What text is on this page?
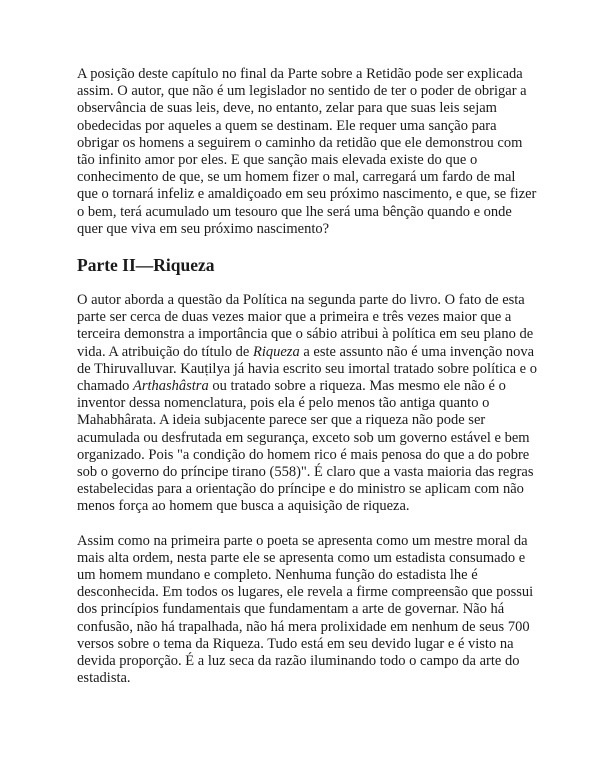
A posição deste capítulo no final da Parte sobre a Retidão pode ser explicada assim. O autor, que não é um legislador no sentido de ter o poder de obrigar a observância de suas leis, deve, no entanto, zelar para que suas leis sejam obedecidas por aqueles a quem se destinam. Ele requer uma sanção para obrigar os homens a seguirem o caminho da retidão que ele demonstrou com tão infinito amor por eles. E que sanção mais elevada existe do que o conhecimento de que, se um homem fizer o mal, carregará um fardo de mal que o tornará infeliz e amaldiçoado em seu próximo nascimento, e que, se fizer o bem, terá acumulado um tesouro que lhe será uma bênção quando e onde quer que viva em seu próximo nascimento?

Parte II—Riqueza

O autor aborda a questão da Política na segunda parte do livro. O fato de esta parte ser cerca de duas vezes maior que a primeira e três vezes maior que a terceira demonstra a importância que o sábio atribui à política em seu plano de vida. A atribuição do título de Riqueza a este assunto não é uma invenção nova de Thiruvalluvar. Kauṭilya já havia escrito seu imortal tratado sobre política e o chamado Arthashâstra ou tratado sobre a riqueza. Mas mesmo ele não é o inventor dessa nomenclatura, pois ela é pelo menos tão antiga quanto o Mahabhârata. A ideia subjacente parece ser que a riqueza não pode ser acumulada ou desfrutada em segurança, exceto sob um governo estável e bem organizado. Pois "a condição do homem rico é mais penosa do que a do pobre sob o governo do príncipe tirano (558)". É claro que a vasta maioria das regras estabelecidas para a orientação do príncipe e do ministro se aplicam com não menos força ao homem que busca a aquisição de riqueza.

Assim como na primeira parte o poeta se apresenta como um mestre moral da mais alta ordem, nesta parte ele se apresenta como um estadista consumado e um homem mundano e completo. Nenhuma função do estadista lhe é desconhecida. Em todos os lugares, ele revela a firme compreensão que possui dos princípios fundamentais que fundamentam a arte de governar. Não há confusão, não há trapalhada, não há mera prolixidade em nenhum de seus 700 versos sobre o tema da Riqueza. Tudo está em seu devido lugar e é visto na devida proporção. É a luz seca da razão iluminando todo o campo da arte do estadista.
